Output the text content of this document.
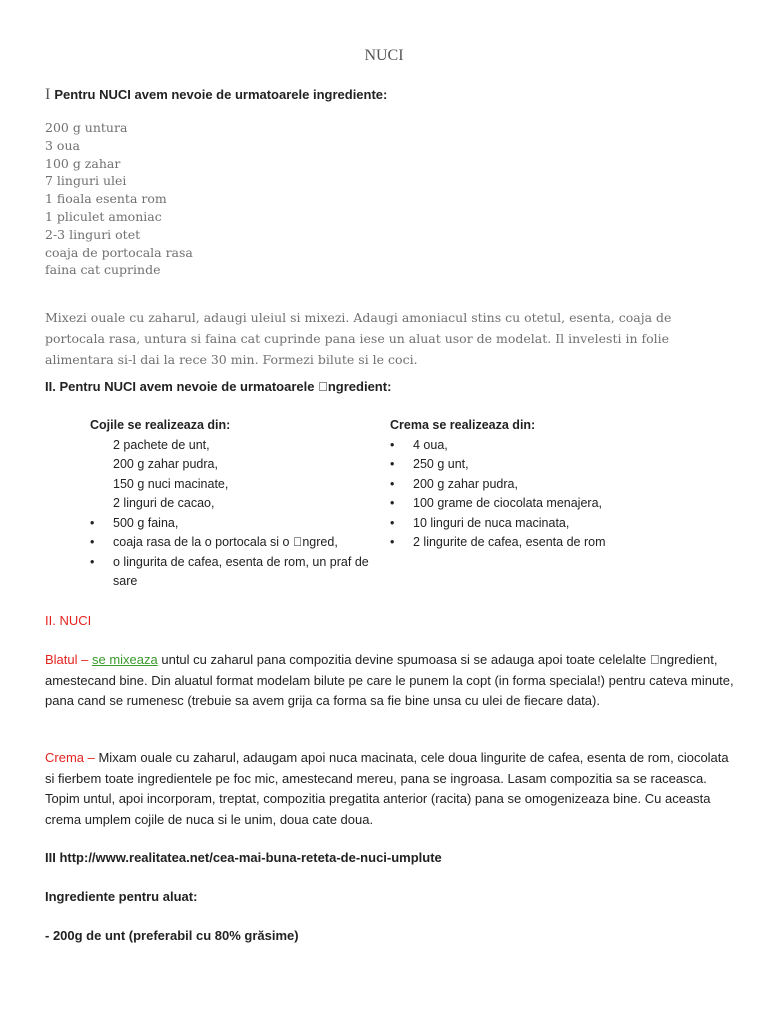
NUCI
I Pentru NUCI avem nevoie de urmatoarele ingrediente:
200 g untura
3 oua
100 g zahar
7 linguri ulei
1 fioala esenta rom
1 pliculet amoniac
2-3 linguri otet
coaja de portocala rasa
faina cat cuprinde
Mixezi ouale cu zaharul, adaugi uleiul si mixezi. Adaugi amoniacul stins cu otetul, esenta, coaja de portocala rasa, untura si faina cat cuprinde pana iese un aluat usor de modelat. Il invelesti in folie alimentara si-l dai la rece 30 min. Formezi bilute si le coci.
II. Pentru NUCI avem nevoie de urmatoarele  ngredient:
Cojile se realizeaza din:
2 pachete de unt,
200 g zahar pudra,
150 g nuci macinate,
2 linguri de cacao,
• 500 g faina,
• coaja rasa de la o portocala si o  ngred,
• o lingurita de cafea, esenta de rom, un praf de sare
Crema se realizeaza din:
• 4 oua,
• 250 g unt,
• 200 g zahar pudra,
• 100 grame de ciocolata menajera,
• 10 linguri de nuca macinata,
• 2 lingurite de cafea, esenta de rom
II. NUCI
Blatul – se mixeaza untul cu zaharul pana compozitia devine spumoasa si se adauga apoi toate celelalte  ngredient, amestecand bine. Din aluatul format modelam bilute pe care le punem la copt (in forma speciala!) pentru cateva minute, pana cand se rumenesc (trebuie sa avem grija ca forma sa fie bine unsa cu ulei de fiecare data).
Crema – Mixam ouale cu zaharul, adaugam apoi nuca macinata, cele doua lingurite de cafea, esenta de rom, ciocolata si fierbem toate ingredientele pe foc mic, amestecand mereu, pana se ingroasa. Lasam compozitia sa se raceasca. Topim untul, apoi incorporam, treptat, compozitia pregatita anterior (racita) pana se omogenizeaza bine. Cu aceasta crema umplem cojile de nuca si le unim, doua cate doua.
III http://www.realitatea.net/cea-mai-buna-reteta-de-nuci-umplute
Ingrediente pentru aluat:
- 200g de unt (preferabil cu 80% grăsime)
